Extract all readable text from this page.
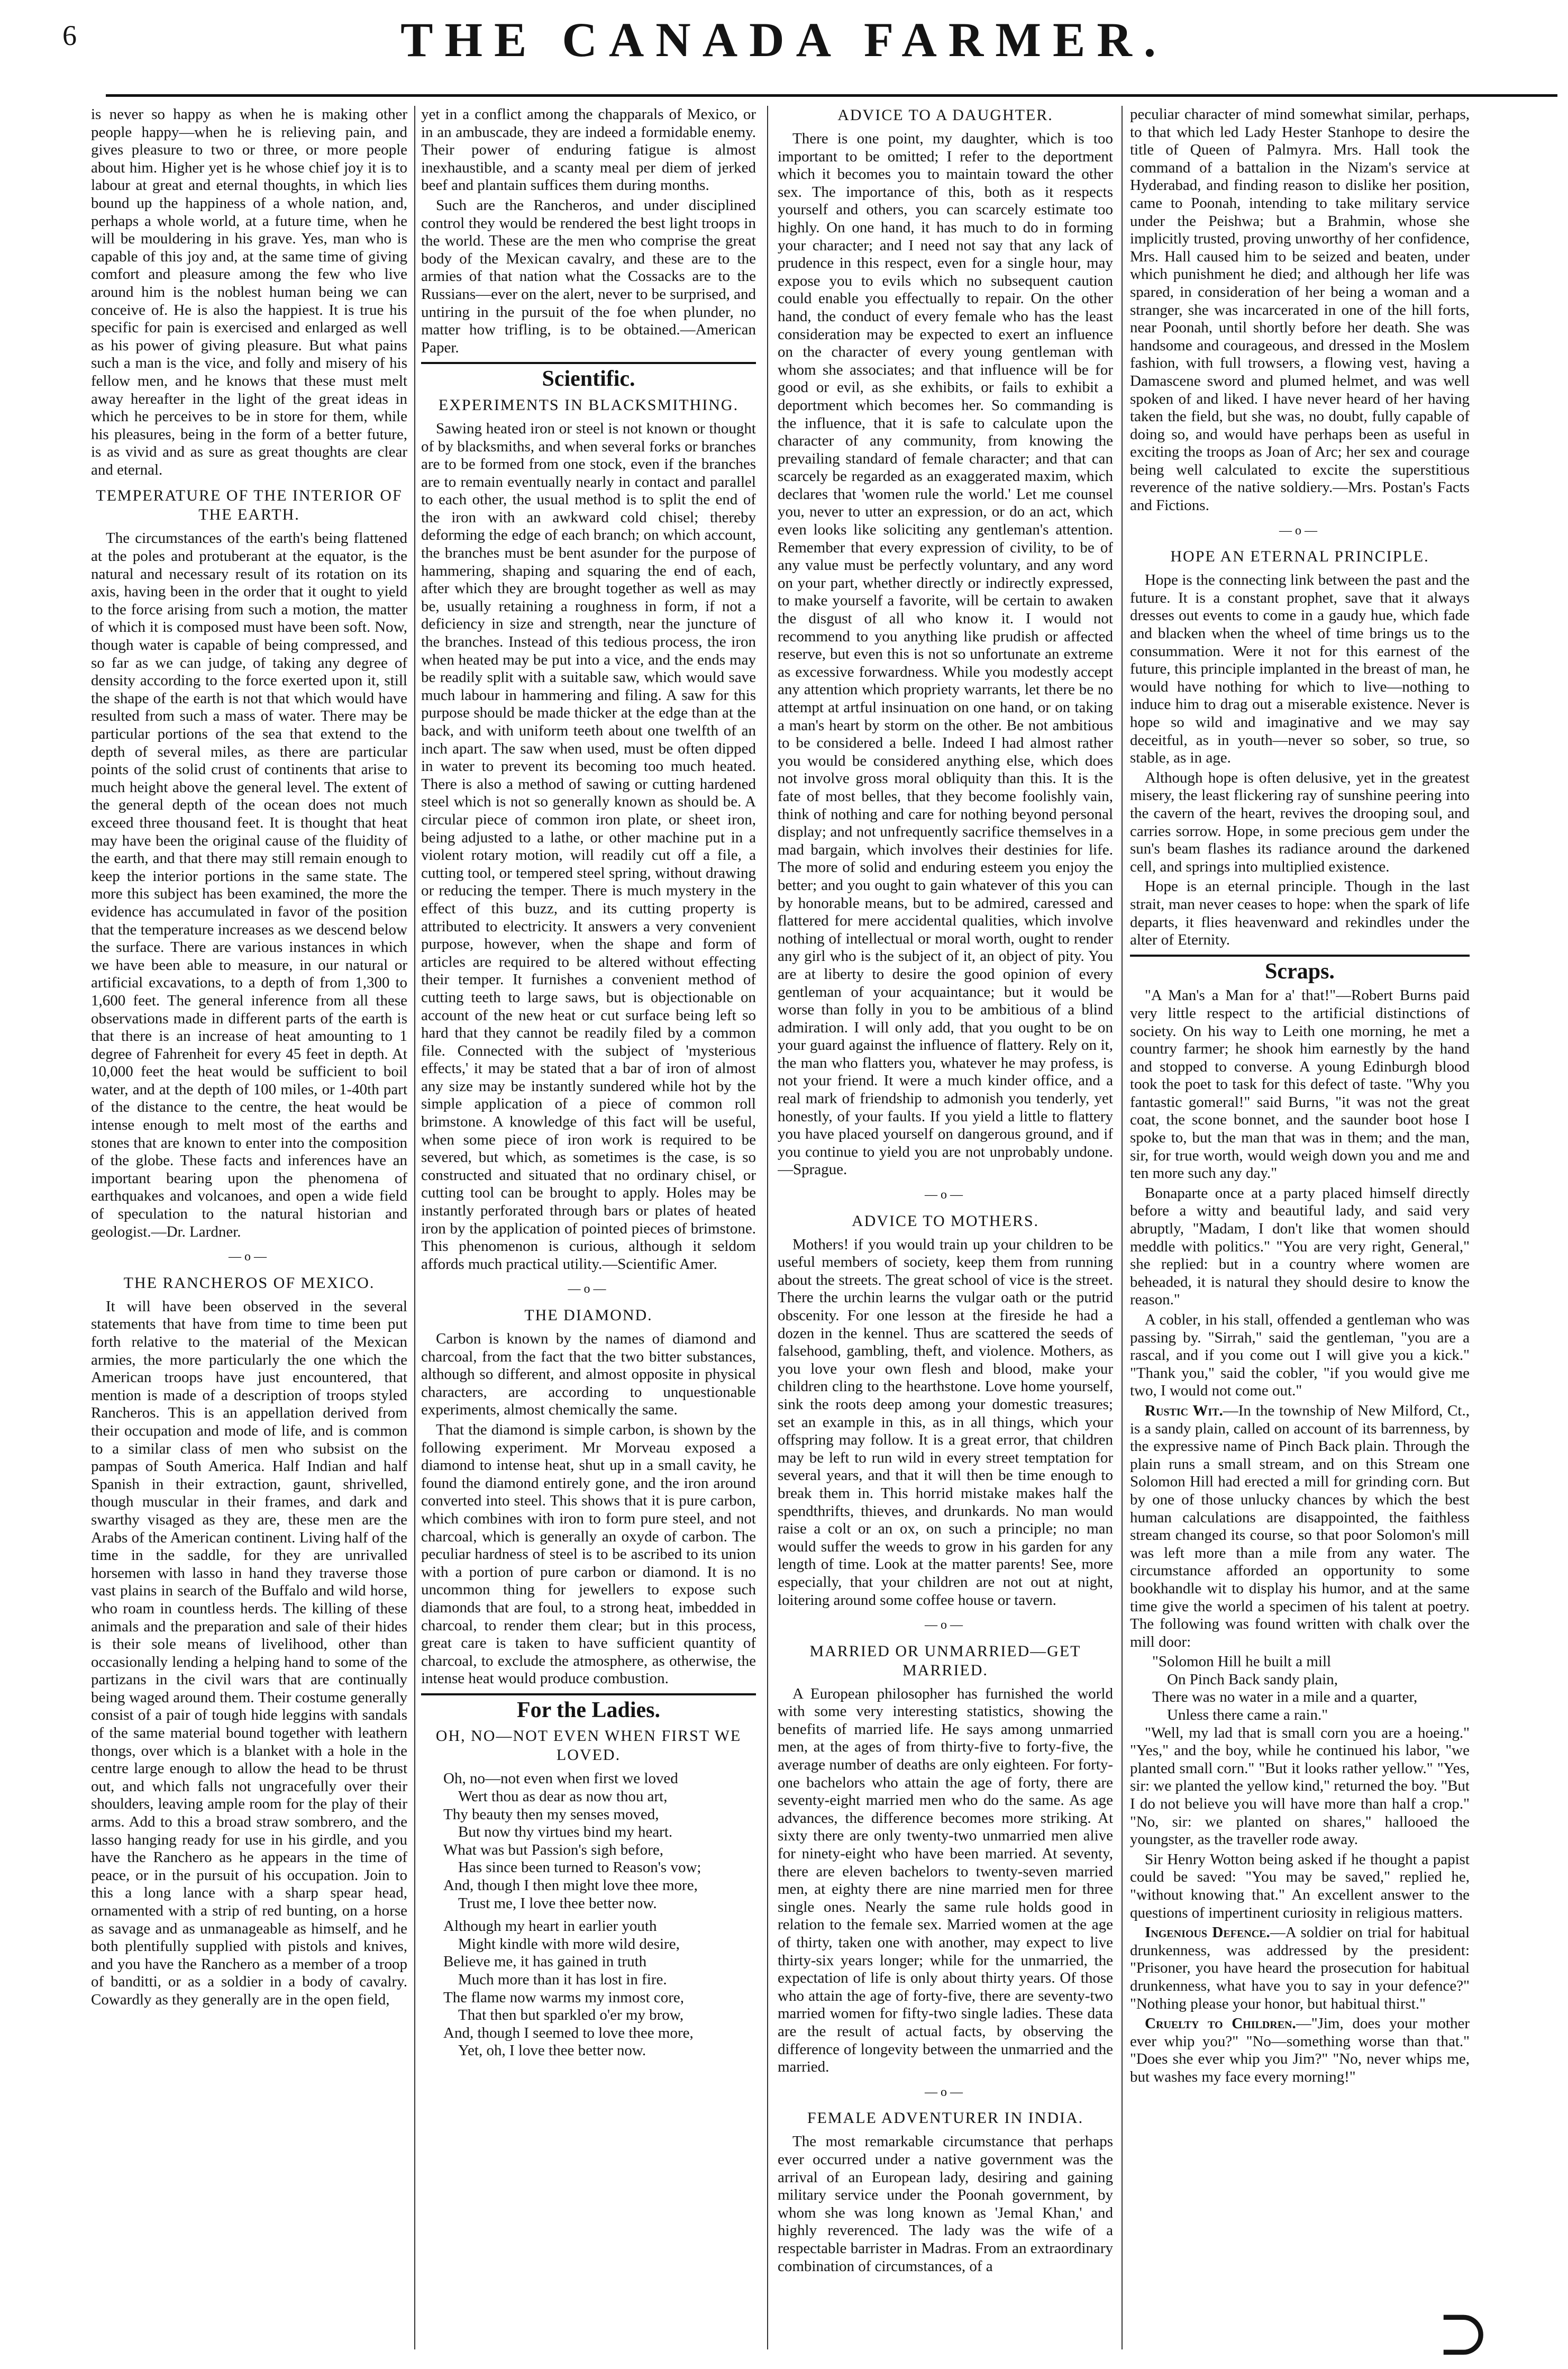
6	THE CANADA FARMER.

is never so happy as when he is making other people happy—when he is relieving pain, and gives pleasure to two or three, or more people about him. Higher yet is he whose chief joy it is to labour at great and eternal thoughts, in which lies bound up the happiness of a whole nation, and, perhaps a whole world, at a future time, when he will be mouldering in his grave. Yes, man who is capable of this joy and, at the same time of giving comfort and pleasure among the few who live around him is the noblest human being we can conceive of. He is also the happiest. It is true his specific for pain is exercised and enlarged as well as his power of giving pleasure. But what pains such a man is the vice, and folly and misery of his fellow men, and he knows that these must melt away hereafter in the light of the great ideas in which he perceives to be in store for them, while his pleasures, being in the form of a better future, is as vivid and as sure as great thoughts are clear and eternal.

TEMPERATURE OF THE INTERIOR OF THE EARTH.

The circumstances of the earth's being flattened at the poles and protuberant at the equator, is the natural and necessary result of its rotation on its axis, having been in the order that it ought to yield to the force arising from such a motion, the matter of which it is composed must have been soft. Now, though water is capable of being compressed, and so far as we can judge, of taking any degree of density according to the force exerted upon it, still the shape of the earth is not that which would have resulted from such a mass of water. There may be particular portions of the sea that extend to the depth of several miles, as there are particular points of the solid crust of continents that arise to much height above the general level. The extent of the general depth of the ocean does not much exceed three thousand feet. It is thought that heat may have been the original cause of the fluidity of the earth, and that there may still remain enough to keep the interior portions in the same state. The more this subject has been examined, the more the evidence has accumulated in favor of the position that the temperature increases as we descend below the surface. There are various instances in which we have been able to measure, in our natural or artificial excavations, to a depth of from 1,300 to 1,600 feet. The general inference from all these observations made in different parts of the earth is that there is an increase of heat amounting to 1 degree of Fahrenheit for every 45 feet in depth. At 10,000 feet the heat would be sufficient to boil water, and at the depth of 100 miles, or 1-40th part of the distance to the centre, the heat would be intense enough to melt most of the earths and stones that are known to enter into the composition of the globe. These facts and inferences have an important bearing upon the phenomena of earthquakes and volcanoes, and open a wide field of speculation to the natural historian and geologist.—Dr. Lardner.

—o—
THE RANCHEROS OF MEXICO.

It will have been observed in the several statements that have from time to time been put forth relative to the material of the Mexican armies, the more particularly the one which the American troops have just encountered, that mention is made of a description of troops styled Rancheros. This is an appellation derived from their occupation and mode of life, and is common to a similar class of men who subsist on the pampas of South America. Half Indian and half Spanish in their extraction, gaunt, shrivelled, though muscular in their frames, and dark and swarthy visaged as they are, these men are the Arabs of the American continent. Living half of the time in the saddle, for they are unrivalled horsemen with lasso in hand they traverse those vast plains in search of the Buffalo and wild horse, who roam in countless herds. The killing of these animals and the preparation and sale of their hides is their sole means of livelihood, other than occasionally lending a helping hand to some of the partizans in the civil wars that are continually being waged around them. Their costume generally consist of a pair of tough hide leggins with sandals of the same material bound together with leathern thongs, over which is a blanket with a hole in the centre large enough to allow the head to be thrust out, and which falls not ungracefully over their shoulders, leaving ample room for the play of their arms. Add to this a broad straw sombrero, and the lasso hanging ready for use in his girdle, and you have the Ranchero as he appears in the time of peace, or in the pursuit of his occupation. Join to this a long lance with a sharp spear head, ornamented with a strip of red bunting, on a horse as savage and as unmanageable as himself, and he both plentifully supplied with pistols and knives, and you have the Ranchero as a member of a troop of banditti, or as a soldier in a body of cavalry. Cowardly as they generally are in the open field,

yet in a conflict among the chapparals of Mexico, or in an ambuscade, they are indeed a formidable enemy. Their power of enduring fatigue is almost inexhaustible, and a scanty meal per diem of jerked beef and plantain suffices them during months.

Such are the Rancheros, and under disciplined control they would be rendered the best light troops in the world. These are the men who comprise the great body of the Mexican cavalry, and these are to the armies of that nation what the Cossacks are to the Russians—ever on the alert, never to be surprised, and untiring in the pursuit of the foe when plunder, no matter how trifling, is to be obtained.—American Paper.

Scientific.
EXPERIMENTS IN BLACKSMITHING.

Sawing heated iron or steel is not known or thought of by blacksmiths, and when several forks or branches are to be formed from one stock, even if the branches are to remain eventually nearly in contact and parallel to each other, the usual method is to split the end of the iron with an awkward cold chisel; thereby deforming the edge of each branch; on which account, the branches must be bent asunder for the purpose of hammering, shaping and squaring the end of each, after which they are brought together as well as may be, usually retaining a roughness in form, if not a deficiency in size and strength, near the juncture of the branches. Instead of this tedious process, the iron when heated may be put into a vice, and the ends may be readily split with a suitable saw, which would save much labour in hammering and filing. A saw for this purpose should be made thicker at the edge than at the back, and with uniform teeth about one twelfth of an inch apart. The saw when used, must be often dipped in water to prevent its becoming too much heated. There is also a method of sawing or cutting hardened steel which is not so generally known as should be. A circular piece of common iron plate, or sheet iron, being adjusted to a lathe, or other machine put in a violent rotary motion, will readily cut off a file, a cutting tool, or tempered steel spring, without drawing or reducing the temper. There is much mystery in the effect of this buzz, and its cutting property is attributed to electricity. It answers a very convenient purpose, however, when the shape and form of articles are required to be altered without effecting their temper. It furnishes a convenient method of cutting teeth to large saws, but is objectionable on account of the new heat or cut surface being left so hard that they cannot be readily filed by a common file. Connected with the subject of 'mysterious effects,' it may be stated that a bar of iron of almost any size may be instantly sundered while hot by the simple application of a piece of common roll brimstone. A knowledge of this fact will be useful, when some piece of iron work is required to be severed, but which, as sometimes is the case, is so constructed and situated that no ordinary chisel, or cutting tool can be brought to apply. Holes may be instantly perforated through bars or plates of heated iron by the application of pointed pieces of brimstone. This phenomenon is curious, although it seldom affords much practical utility.—Scientific Amer.

—o—
THE DIAMOND.

Carbon is known by the names of diamond and charcoal, from the fact that the two bitter substances, although so different, and almost opposite in physical characters, are according to unquestionable experiments, almost chemically the same.

That the diamond is simple carbon, is shown by the following experiment. Mr Morveau exposed a diamond to intense heat, shut up in a small cavity, he found the diamond entirely gone, and the iron around converted into steel. This shows that it is pure carbon, which combines with iron to form pure steel, and not charcoal, which is generally an oxyde of carbon. The peculiar hardness of steel is to be ascribed to its union with a portion of pure carbon or diamond. It is no uncommon thing for jewellers to expose such diamonds that are foul, to a strong heat, imbedded in charcoal, to render them clear; but in this process, great care is taken to have sufficient quantity of charcoal, to exclude the atmosphere, as otherwise, the intense heat would produce combustion.

For the Ladies.
OH, NO—NOT EVEN WHEN FIRST WE LOVED.
Oh, no—not even when first we loved
Wert thou as dear as now thou art,
Thy beauty then my senses moved,
But now thy virtues bind my heart.
What was but Passion's sigh before,
Has since been turned to Reason's vow;
And, though I then might love thee more,
Trust me, I love thee better now.
Although my heart in earlier youth
Might kindle with more wild desire,
Believe me, it has gained in truth
Much more than it has lost in fire.
The flame now warms my inmost core,
That then but sparkled o'er my brow,
And, though I seemed to love thee more,
Yet, oh, I love thee better now.
ADVICE TO A DAUGHTER.

There is one point, my daughter, which is too important to be omitted; I refer to the deportment which it becomes you to maintain toward the other sex. The importance of this, both as it respects yourself and others, you can scarcely estimate too highly. On one hand, it has much to do in forming your character; and I need not say that any lack of prudence in this respect, even for a single hour, may expose you to evils which no subsequent caution could enable you effectually to repair. On the other hand, the conduct of every female who has the least consideration may be expected to exert an influence on the character of every young gentleman with whom she associates; and that influence will be for good or evil, as she exhibits, or fails to exhibit a deportment which becomes her. So commanding is the influence, that it is safe to calculate upon the character of any community, from knowing the prevailing standard of female character; and that can scarcely be regarded as an exaggerated maxim, which declares that 'women rule the world.' Let me counsel you, never to utter an expression, or do an act, which even looks like soliciting any gentleman's attention. Remember that every expression of civility, to be of any value must be perfectly voluntary, and any word on your part, whether directly or indirectly expressed, to make yourself a favorite, will be certain to awaken the disgust of all who know it. I would not recommend to you anything like prudish or affected reserve, but even this is not so unfortunate an extreme as excessive forwardness. While you modestly accept any attention which propriety warrants, let there be no attempt at artful insinuation on one hand, or on taking a man's heart by storm on the other. Be not ambitious to be considered a belle. Indeed I had almost rather you would be considered anything else, which does not involve gross moral obliquity than this. It is the fate of most belles, that they become foolishly vain, think of nothing and care for nothing beyond personal display; and not unfrequently sacrifice themselves in a mad bargain, which involves their destinies for life. The more of solid and enduring esteem you enjoy the better; and you ought to gain whatever of this you can by honorable means, but to be admired, caressed and flattered for mere accidental qualities, which involve nothing of intellectual or moral worth, ought to render any girl who is the subject of it, an object of pity. You are at liberty to desire the good opinion of every gentleman of your acquaintance; but it would be worse than folly in you to be ambitious of a blind admiration. I will only add, that you ought to be on your guard against the influence of flattery. Rely on it, the man who flatters you, whatever he may profess, is not your friend. It were a much kinder office, and a real mark of friendship to admonish you tenderly, yet honestly, of your faults. If you yield a little to flattery you have placed yourself on dangerous ground, and if you continue to yield you are not unprobably undone.—Sprague.

—o—
ADVICE TO MOTHERS.

Mothers! if you would train up your children to be useful members of society, keep them from running about the streets. The great school of vice is the street. There the urchin learns the vulgar oath or the putrid obscenity. For one lesson at the fireside he had a dozen in the kennel. Thus are scattered the seeds of falsehood, gambling, theft, and violence. Mothers, as you love your own flesh and blood, make your children cling to the hearthstone. Love home yourself, sink the roots deep among your domestic treasures; set an example in this, as in all things, which your offspring may follow. It is a great error, that children may be left to run wild in every street temptation for several years, and that it will then be time enough to break them in. This horrid mistake makes half the spendthrifts, thieves, and drunkards. No man would raise a colt or an ox, on such a principle; no man would suffer the weeds to grow in his garden for any length of time. Look at the matter parents! See, more especially, that your children are not out at night, loitering around some coffee house or tavern.

—o—
MARRIED OR UNMARRIED—GET MARRIED.

A European philosopher has furnished the world with some very interesting statistics, showing the benefits of married life. He says among unmarried men, at the ages of from thirty-five to forty-five, the average number of deaths are only eighteen. For forty-one bachelors who attain the age of forty, there are seventy-eight married men who do the same. As age advances, the difference becomes more striking. At sixty there are only twenty-two unmarried men alive for ninety-eight who have been married. At seventy, there are eleven bachelors to twenty-seven married men, at eighty there are nine married men for three single ones. Nearly the same rule holds good in relation to the female sex. Married women at the age of thirty, taken one with another, may expect to live thirty-six years longer; while for the unmarried, the expectation of life is only about thirty years. Of those who attain the age of forty-five, there are seventy-two married women for fifty-two single ladies. These data are the result of actual facts, by observing the difference of longevity between the unmarried and the married.

—o—
FEMALE ADVENTURER IN INDIA.

The most remarkable circumstance that perhaps ever occurred under a native government was the arrival of an European lady, desiring and gaining military service under the Poonah government, by whom she was long known as 'Jemal Khan,' and highly reverenced. The lady was the wife of a respectable barrister in Madras. From an extraordinary combination of circumstances, of a

peculiar character of mind somewhat similar, perhaps, to that which led Lady Hester Stanhope to desire the title of Queen of Palmyra. Mrs. Hall took the command of a battalion in the Nizam's service at Hyderabad, and finding reason to dislike her position, came to Poonah, intending to take military service under the Peishwa; but a Brahmin, whose she implicitly trusted, proving unworthy of her confidence, Mrs. Hall caused him to be seized and beaten, under which punishment he died; and although her life was spared, in consideration of her being a woman and a stranger, she was incarcerated in one of the hill forts, near Poonah, until shortly before her death. She was handsome and courageous, and dressed in the Moslem fashion, with full trowsers, a flowing vest, having a Damascene sword and plumed helmet, and was well spoken of and liked. I have never heard of her having taken the field, but she was, no doubt, fully capable of doing so, and would have perhaps been as useful in exciting the troops as Joan of Arc; her sex and courage being well calculated to excite the superstitious reverence of the native soldiery.—Mrs. Postan's Facts and Fictions.

—o—
HOPE AN ETERNAL PRINCIPLE.

Hope is the connecting link between the past and the future. It is a constant prophet, save that it always dresses out events to come in a gaudy hue, which fade and blacken when the wheel of time brings us to the consummation. Were it not for this earnest of the future, this principle implanted in the breast of man, he would have nothing for which to live—nothing to induce him to drag out a miserable existence. Never is hope so wild and imaginative and we may say deceitful, as in youth—never so sober, so true, so stable, as in age.

Although hope is often delusive, yet in the greatest misery, the least flickering ray of sunshine peering into the cavern of the heart, revives the drooping soul, and carries sorrow. Hope, in some precious gem under the sun's beam flashes its radiance around the darkened cell, and springs into multiplied existence.

Hope is an eternal principle. Though in the last strait, man never ceases to hope: when the spark of life departs, it flies heavenward and rekindles under the alter of Eternity.

Scraps.

"A Man's a Man for a' that!"—Robert Burns paid very little respect to the artificial distinctions of society. On his way to Leith one morning, he met a country farmer; he shook him earnestly by the hand and stopped to converse. A young Edinburgh blood took the poet to task for this defect of taste. "Why you fantastic gomeral!" said Burns, "it was not the great coat, the scone bonnet, and the saunder boot hose I spoke to, but the man that was in them; and the man, sir, for true worth, would weigh down you and me and ten more such any day."

Bonaparte once at a party placed himself directly before a witty and beautiful lady, and said very abruptly, "Madam, I don't like that women should meddle with politics." "You are very right, General," she replied: but in a country where women are beheaded, it is natural they should desire to know the reason."

A cobler, in his stall, offended a gentleman who was passing by. "Sirrah," said the gentleman, "you are a rascal, and if you come out I will give you a kick." "Thank you," said the cobler, "if you would give me two, I would not come out."

Rustic Wit.—In the township of New Milford, Ct., is a sandy plain, called on account of its barrenness, by the expressive name of Pinch Back plain. Through the plain runs a small stream, and on this Stream one Solomon Hill had erected a mill for grinding corn. But by one of those unlucky chances by which the best human calculations are disappointed, the faithless stream changed its course, so that poor Solomon's mill was left more than a mile from any water. The circumstance afforded an opportunity to some bookhandle wit to display his humor, and at the same time give the world a specimen of his talent at poetry. The following was found written with chalk over the mill door:

"Solomon Hill he built a mill
On Pinch Back sandy plain,
There was no water in a mile and a quarter,
Unless there came a rain."

"Well, my lad that is small corn you are a hoeing." "Yes," and the boy, while he continued his labor, "we planted small corn." "But it looks rather yellow." "Yes, sir: we planted the yellow kind," returned the boy. "But I do not believe you will have more than half a crop." "No, sir: we planted on shares," hallooed the youngster, as the traveller rode away.

Sir Henry Wotton being asked if he thought a papist could be saved: "You may be saved," replied he, "without knowing that." An excellent answer to the questions of impertinent curiosity in religious matters.

Ingenious Defence.—A soldier on trial for habitual drunkenness, was addressed by the president: "Prisoner, you have heard the prosecution for habitual drunkenness, what have you to say in your defence?" "Nothing please your honor, but habitual thirst."

Cruelty to Children.—"Jim, does your mother ever whip you?" "No—something worse than that." "Does she ever whip you Jim?" "No, never whips me, but washes my face every morning!"

⊃
